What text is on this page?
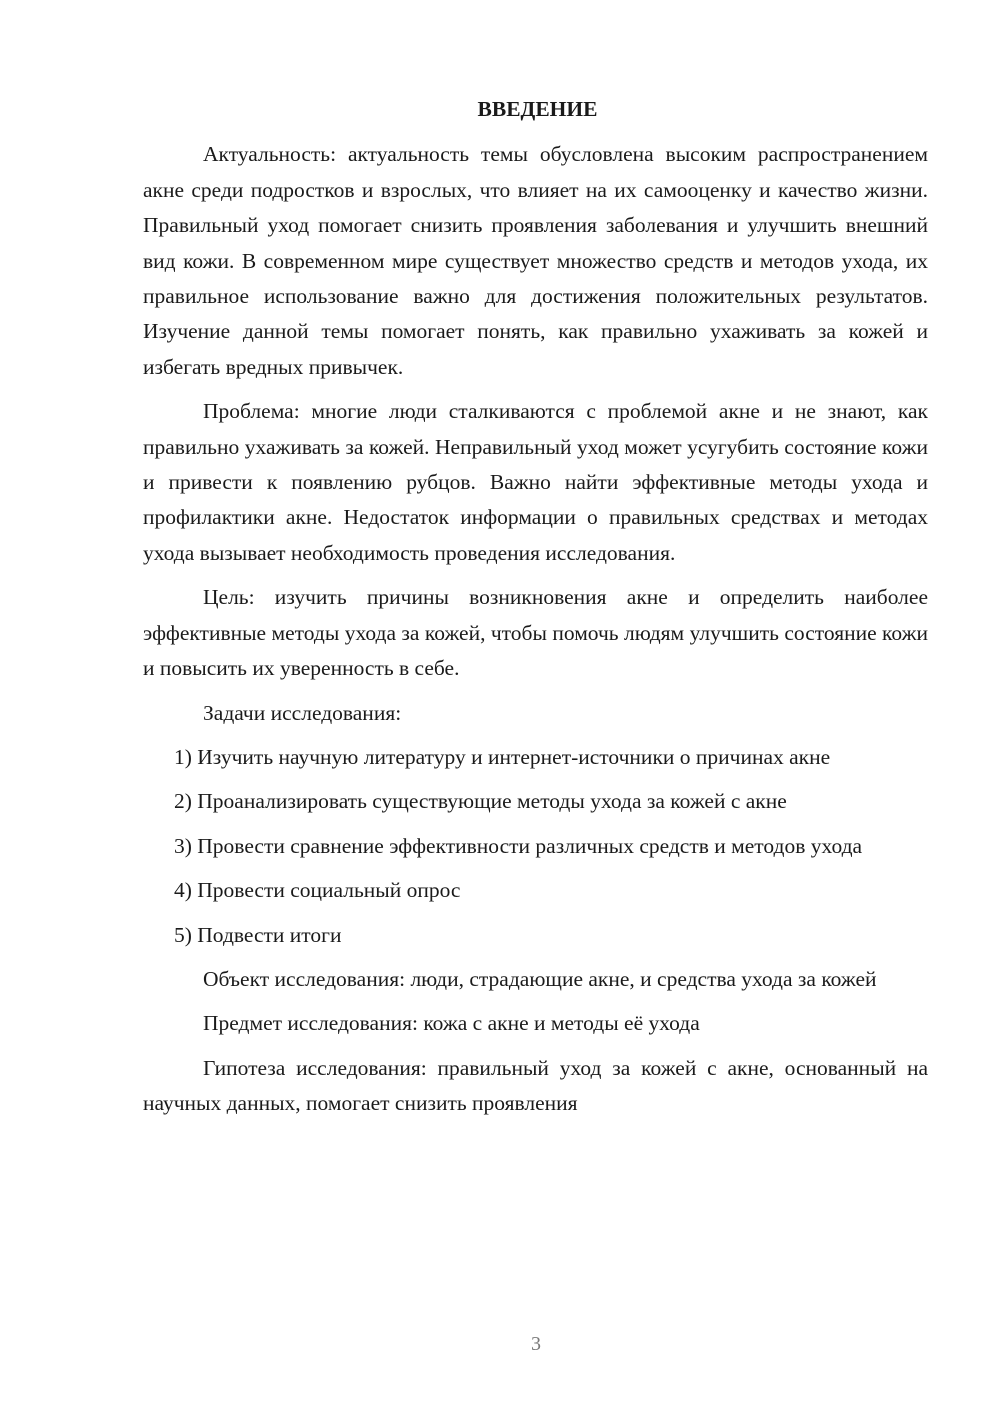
ВВЕДЕНИЕ

Актуальность: актуальность темы обусловлена высоким распространением акне среди подростков и взрослых, что влияет на их самооценку и качество жизни. Правильный уход помогает снизить проявления заболевания и улучшить внешний вид кожи. В современном мире существует множество средств и методов ухода, их правильное использование важно для достижения положительных результатов. Изучение данной темы помогает понять, как правильно ухаживать за кожей и избегать вредных привычек.

Проблема: многие люди сталкиваются с проблемой акне и не знают, как правильно ухаживать за кожей. Неправильный уход может усугубить состояние кожи и привести к появлению рубцов. Важно найти эффективные методы ухода и профилактики акне. Недостаток информации о правильных средствах и методах ухода вызывает необходимость проведения исследования.

Цель: изучить причины возникновения акне и определить наиболее эффективные методы ухода за кожей, чтобы помочь людям улучшить состояние кожи и повысить их уверенность в себе.

Задачи исследования:

1) Изучить научную литературу и интернет-источники о причинах акне

2) Проанализировать существующие методы ухода за кожей с акне

3) Провести сравнение эффективности различных средств и методов ухода

4) Провести социальный опрос

5) Подвести итоги

Объект исследования: люди, страдающие акне, и средства ухода за кожей

Предмет исследования: кожа с акне и методы её ухода

Гипотеза исследования: правильный уход за кожей с акне, основанный на научных данных, помогает снизить проявления

3
